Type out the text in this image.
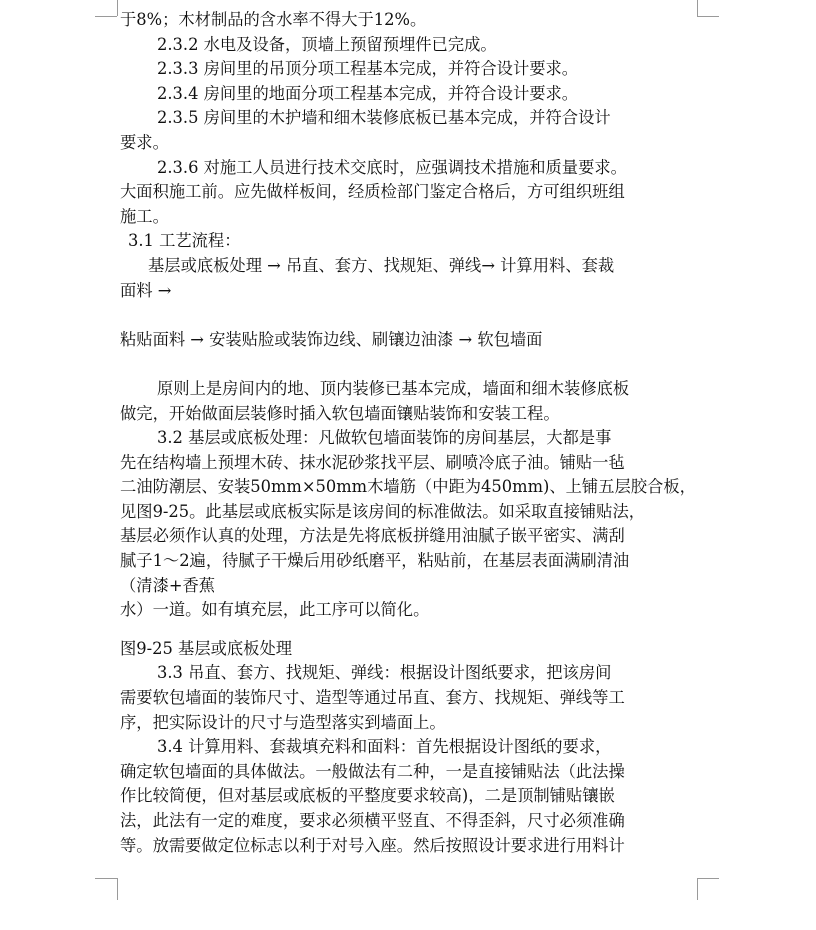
于8%；木材制品的含水率不得大于12%。
2.3.2 水电及设备，顶墙上预留预埋件已完成。
2.3.3 房间里的吊顶分项工程基本完成，并符合设计要求。
2.3.4 房间里的地面分项工程基本完成，并符合设计要求。
2.3.5 房间里的木护墙和细木装修底板已基本完成，并符合设计
要求。
2.3.6 对施工人员进行技术交底时，应强调技术措施和质量要求。
大面积施工前。应先做样板间，经质检部门鉴定合格后，方可组织班组
施工。
3.1 工艺流程：
基层或底板处理 → 吊直、套方、找规矩、弹线→ 计算用料、套裁
面料 →
粘贴面料 → 安装贴脸或装饰边线、刷镶边油漆 → 软包墙面
原则上是房间内的地、顶内装修已基本完成，墙面和细木装修底板
做完，开始做面层装修时插入软包墙面镶贴装饰和安装工程。
3.2 基层或底板处理：凡做软包墙面装饰的房间基层，大都是事
先在结构墙上预埋木砖、抹水泥砂浆找平层、刷喷冷底子油。铺贴一毡
二油防潮层、安装50mm×50mm木墙筋（中距为450mm)、上铺五层胶合板，
见图9-25。此基层或底板实际是该房间的标准做法。如采取直接铺贴法，
基层必须作认真的处理，方法是先将底板拼缝用油腻子嵌平密实、满刮
腻子1～2遍，待腻子干燥后用砂纸磨平，粘贴前，在基层表面满刷清油
（清漆+香蕉
水）一道。如有填充层，此工序可以简化。
图9-25 基层或底板处理
3.3 吊直、套方、找规矩、弹线：根据设计图纸要求，把该房间
需要软包墙面的装饰尺寸、造型等通过吊直、套方、找规矩、弹线等工
序，把实际设计的尺寸与造型落实到墙面上。
3.4 计算用料、套裁填充料和面料：首先根据设计图纸的要求，
确定软包墙面的具体做法。一般做法有二种，一是直接铺贴法（此法操
作比较简便，但对基层或底板的平整度要求较高)，二是顶制铺贴镶嵌
法，此法有一定的难度，要求必须横平竖直、不得歪斜，尺寸必须准确
等。放需要做定位标志以利于对号入座。然后按照设计要求进行用料计
